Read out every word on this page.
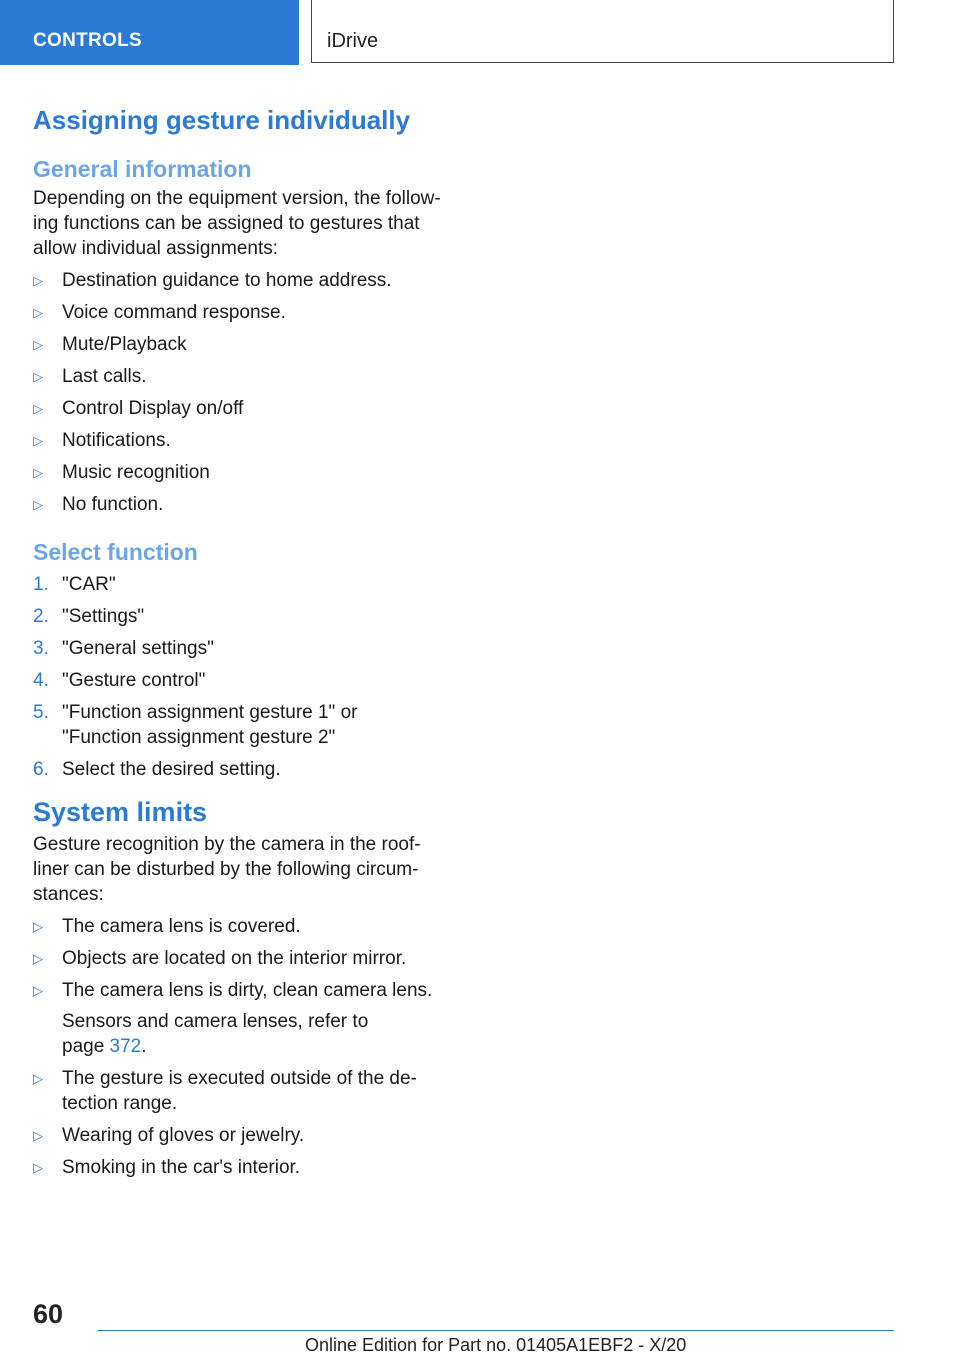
CONTROLS	iDrive
Assigning gesture individually
General information

Depending on the equipment version, the follow-
ing functions can be assigned to gestures that
allow individual assignments:

▷ Destination guidance to home address.
▷ Voice command response.
▷ Mute/Playback
▷ Last calls.
▷ Control Display on/off
▷ Notifications.
▷ Music recognition
▷ No function.
Select function
1. "CAR"
2. "Settings"
3. "General settings"
4. "Gesture control"
5. "Function assignment gesture 1" or
"Function assignment gesture 2"
6. Select the desired setting.
System limits

Gesture recognition by the camera in the roof-
liner can be disturbed by the following circum-
stances:

▷ The camera lens is covered.
▷ Objects are located on the interior mirror.
▷ The camera lens is dirty, clean camera lens.
Sensors and camera lenses, refer to
page 372.
▷ The gesture is executed outside of the de-
tection range.
▷ Wearing of gloves or jewelry.
▷ Smoking in the car's interior.
60
Online Edition for Part no. 01405A1EBF2 - X/20
